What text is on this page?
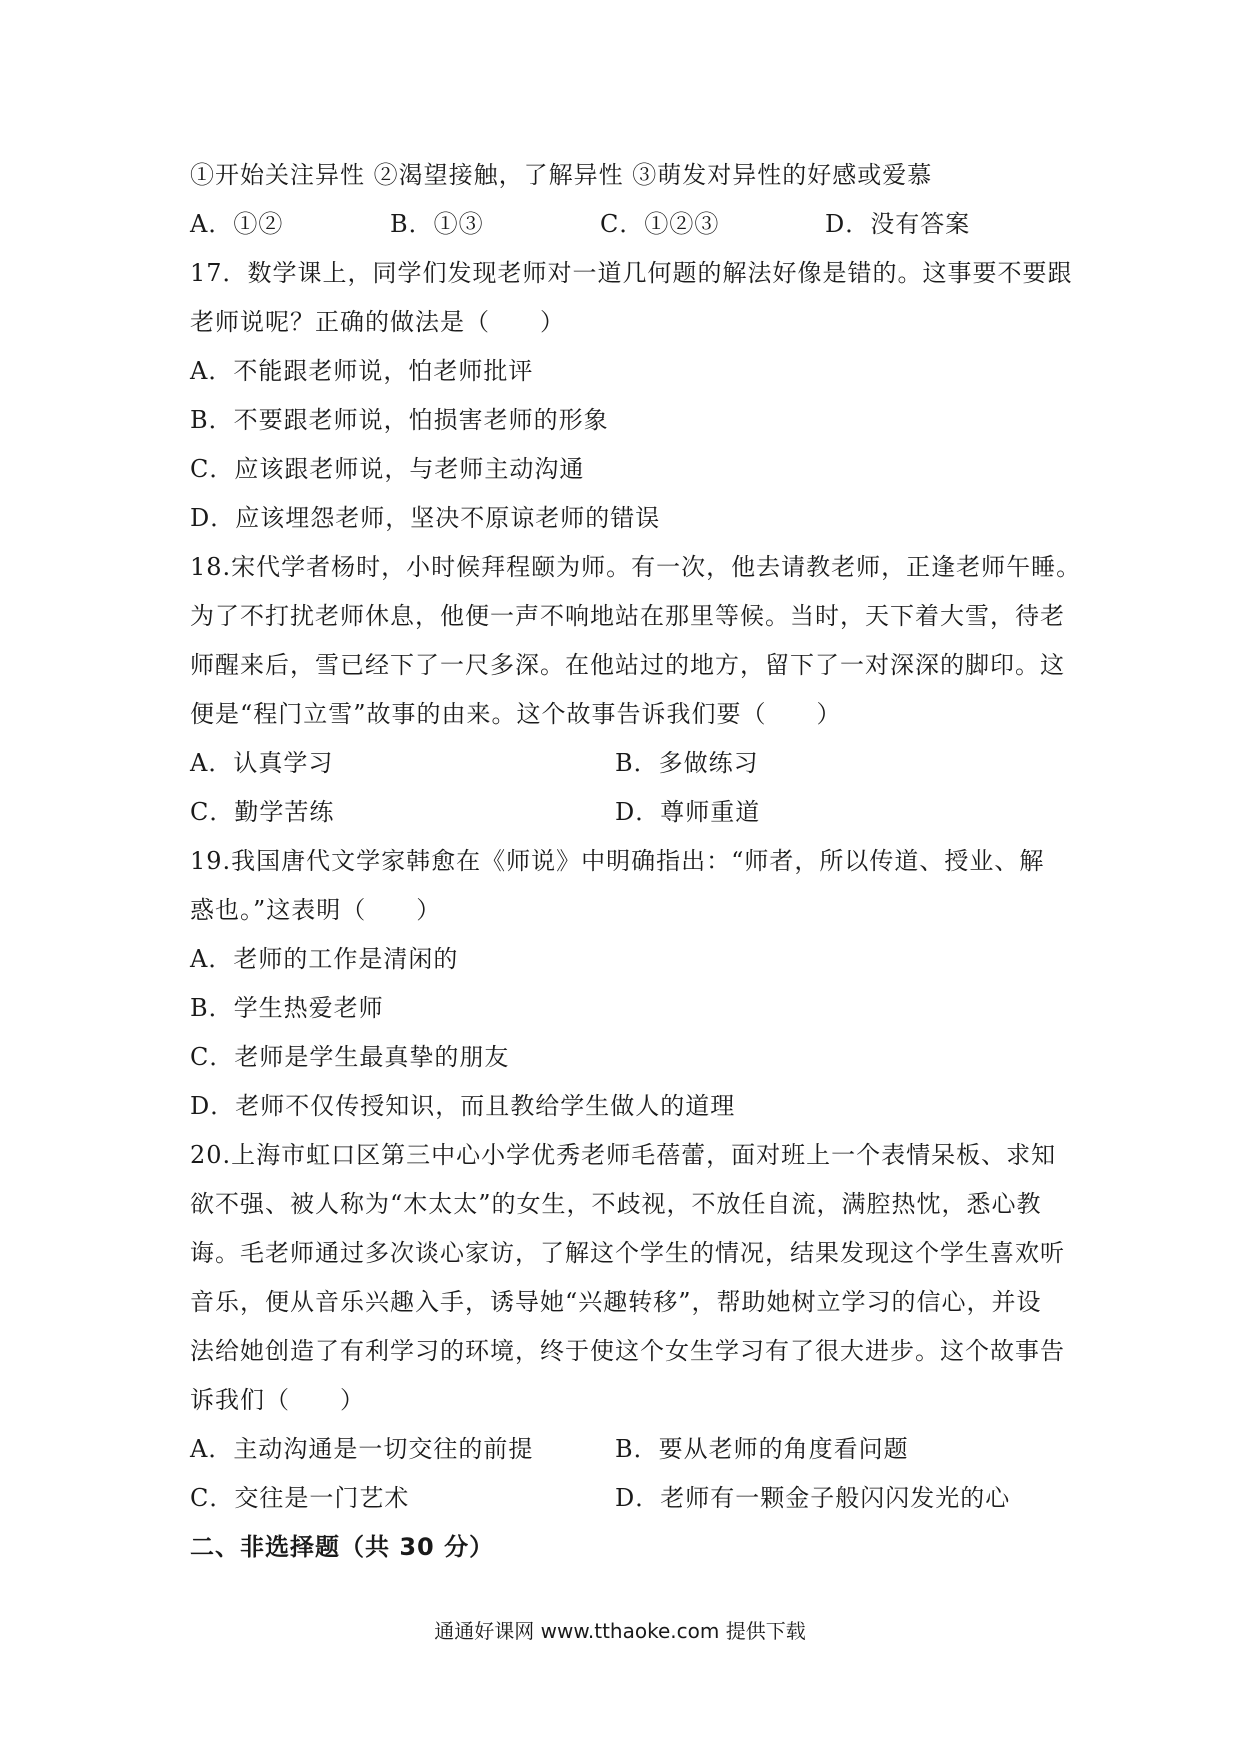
①开始关注异性 ②渴望接触，了解异性 ③萌发对异性的好感或爱慕
A．①②	B．①③	C．①②③	D．没有答案
17．数学课上，同学们发现老师对一道几何题的解法好像是错的。这事要不要跟
老师说呢？正确的做法是（　　）
A．不能跟老师说，怕老师批评
B．不要跟老师说，怕损害老师的形象
C．应该跟老师说，与老师主动沟通
D．应该埋怨老师，坚决不原谅老师的错误
18.宋代学者杨时，小时候拜程颐为师。有一次，他去请教老师，正逢老师午睡。
为了不打扰老师休息，他便一声不响地站在那里等候。当时，天下着大雪，待老
师醒来后，雪已经下了一尺多深。在他站过的地方，留下了一对深深的脚印。这
便是“程门立雪”故事的由来。这个故事告诉我们要（　　）
A．认真学习	B．多做练习
C．勤学苦练	D．尊师重道
19.我国唐代文学家韩愈在《师说》中明确指出：“师者，所以传道、授业、解
惑也。”这表明（　　）
A．老师的工作是清闲的
B．学生热爱老师
C．老师是学生最真挚的朋友
D．老师不仅传授知识，而且教给学生做人的道理
20.上海市虹口区第三中心小学优秀老师毛蓓蕾，面对班上一个表情呆板、求知
欲不强、被人称为“木太太”的女生，不歧视，不放任自流，满腔热忱，悉心教
诲。毛老师通过多次谈心家访，了解这个学生的情况，结果发现这个学生喜欢听
音乐，便从音乐兴趣入手，诱导她“兴趣转移”，帮助她树立学习的信心，并设
法给她创造了有利学习的环境，终于使这个女生学习有了很大进步。这个故事告
诉我们（　　）
A．主动沟通是一切交往的前提	B．要从老师的角度看问题
C．交往是一门艺术	D．老师有一颗金子般闪闪发光的心
二、非选择题（共 30 分）
通通好课网 www.tthaoke.com 提供下载
